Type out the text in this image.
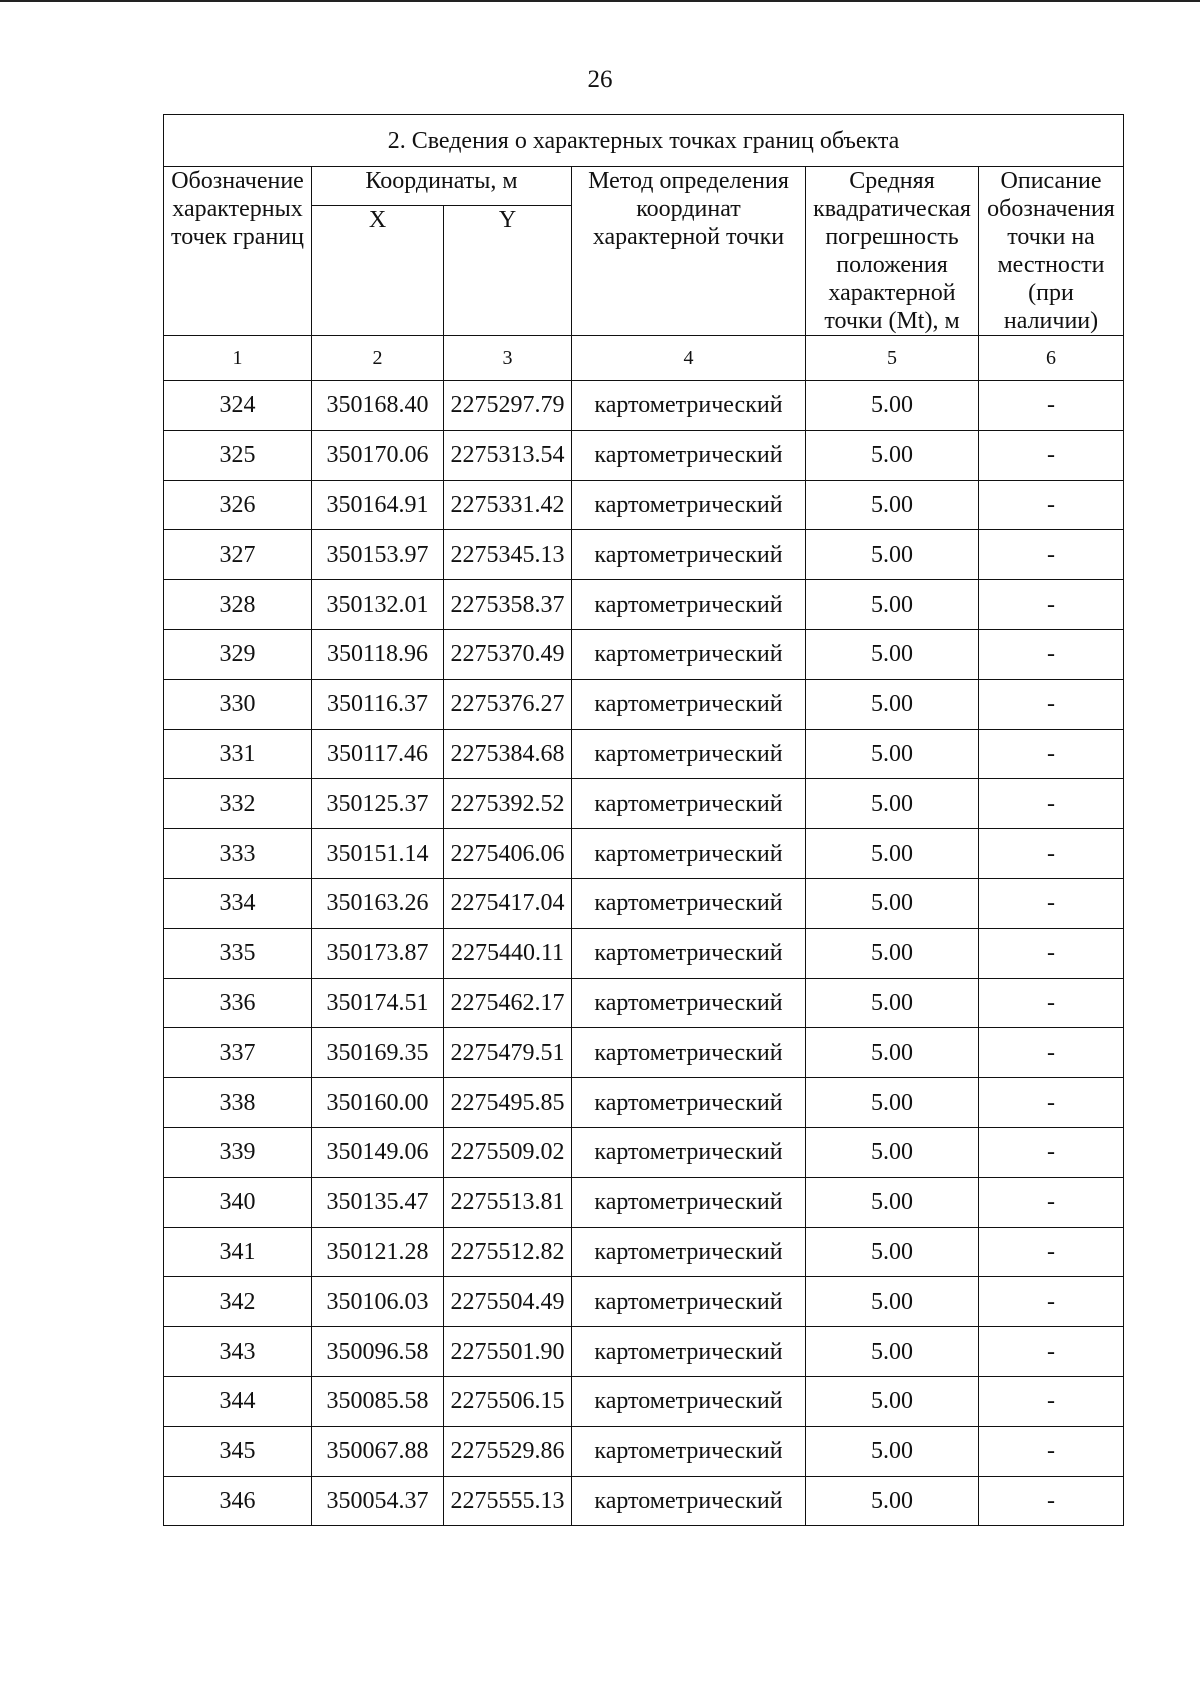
26
2. Сведения о характерных точках границ объекта					
Обозначение характерных точек границ	Координаты, м		Метод определения координат характерной точки	Средняя квадратическая погрешность положения характерной точки (Mt), м	Описание обозначения точки на местности (при наличии)
	X	Y			
1	2	3	4	5	6
324	350168.40	2275297.79	картометрический	5.00	-
325	350170.06	2275313.54	картометрический	5.00	-
326	350164.91	2275331.42	картометрический	5.00	-
327	350153.97	2275345.13	картометрический	5.00	-
328	350132.01	2275358.37	картометрический	5.00	-
329	350118.96	2275370.49	картометрический	5.00	-
330	350116.37	2275376.27	картометрический	5.00	-
331	350117.46	2275384.68	картометрический	5.00	-
332	350125.37	2275392.52	картометрический	5.00	-
333	350151.14	2275406.06	картометрический	5.00	-
334	350163.26	2275417.04	картометрический	5.00	-
335	350173.87	2275440.11	картометрический	5.00	-
336	350174.51	2275462.17	картометрический	5.00	-
337	350169.35	2275479.51	картометрический	5.00	-
338	350160.00	2275495.85	картометрический	5.00	-
339	350149.06	2275509.02	картометрический	5.00	-
340	350135.47	2275513.81	картометрический	5.00	-
341	350121.28	2275512.82	картометрический	5.00	-
342	350106.03	2275504.49	картометрический	5.00	-
343	350096.58	2275501.90	картометрический	5.00	-
344	350085.58	2275506.15	картометрический	5.00	-
345	350067.88	2275529.86	картометрический	5.00	-
346	350054.37	2275555.13	картометрический	5.00	-
